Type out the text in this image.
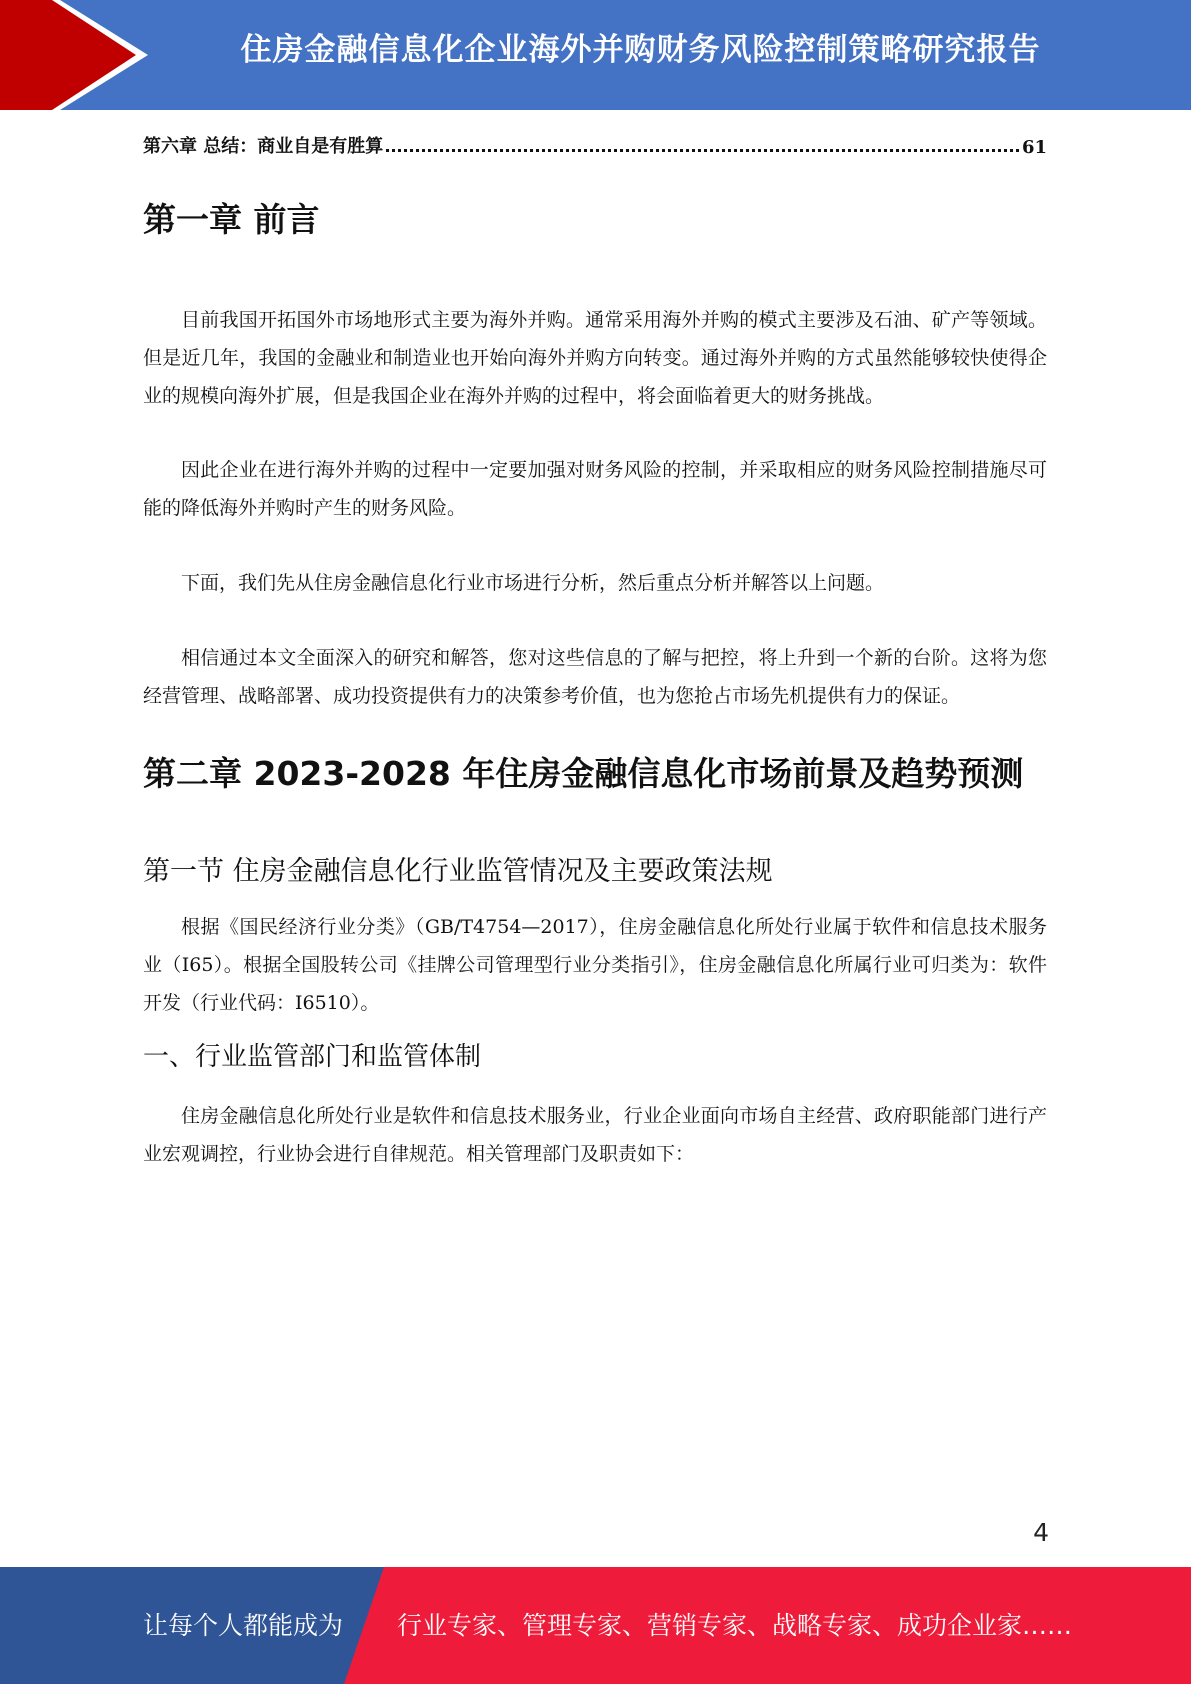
住房金融信息化企业海外并购财务风险控制策略研究报告
第六章 总结：商业自是有胜算	61
第一章 前言

目前我国开拓国外市场地形式主要为海外并购。通常采用海外并购的模式主要涉及石油、矿产等领域。但是近几年，我国的金融业和制造业也开始向海外并购方向转变。通过海外并购的方式虽然能够较快使得企业的规模向海外扩展，但是我国企业在海外并购的过程中，将会面临着更大的财务挑战。

因此企业在进行海外并购的过程中一定要加强对财务风险的控制，并采取相应的财务风险控制措施尽可能的降低海外并购时产生的财务风险。

下面，我们先从住房金融信息化行业市场进行分析，然后重点分析并解答以上问题。

相信通过本文全面深入的研究和解答，您对这些信息的了解与把控，将上升到一个新的台阶。这将为您经营管理、战略部署、成功投资提供有力的决策参考价值，也为您抢占市场先机提供有力的保证。

第二章 2023-2028 年住房金融信息化市场前景及趋势预测
第一节 住房金融信息化行业监管情况及主要政策法规

根据《国民经济行业分类》（GB/T4754—2017），住房金融信息化所处行业属于软件和信息技术服务业（I65）。根据全国股转公司《挂牌公司管理型行业分类指引》，住房金融信息化所属行业可归类为：软件开发（行业代码：I6510）。

一、行业监管部门和监管体制

住房金融信息化所处行业是软件和信息技术服务业，行业企业面向市场自主经营、政府职能部门进行产业宏观调控，行业协会进行自律规范。相关管理部门及职责如下：

4
让每个人都能成为 行业专家、管理专家、营销专家、战略专家、成功企业家……
